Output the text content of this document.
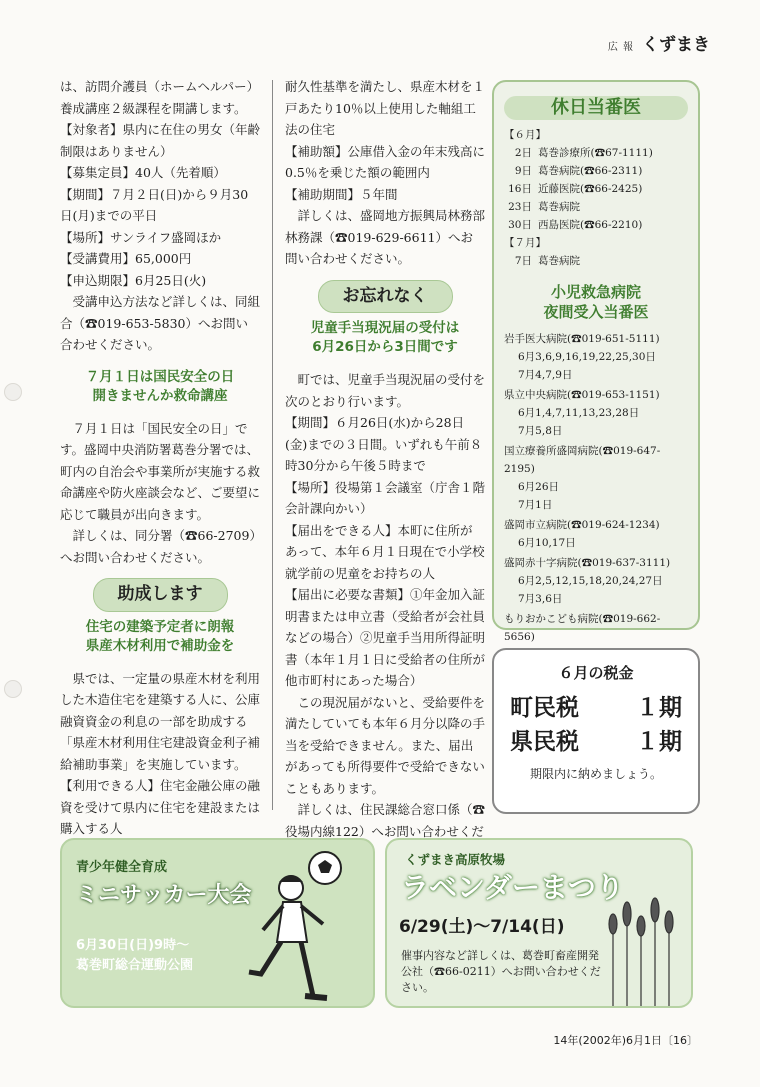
広 報 くずまき
は、訪問介護員（ホームヘルパー）養成講座２級課程を開講します。
【対象者】県内に在住の男女（年齢制限はありません）
【募集定員】40人（先着順）
【期間】７月２日(日)から９月30日(月)までの平日
【場所】サンライフ盛岡ほか
【受講費用】65,000円
【申込期限】6月25日(火)
受講申込方法など詳しくは、同組合（☎019-653-5830）へお問い合わせください。
７月１日は国民安全の日
開きませんか救命講座
７月１日は「国民安全の日」です。盛岡中央消防署葛巻分署では、町内の自治会や事業所が実施する救命講座や防火座談会など、ご要望に応じて職員が出向きます。
詳しくは、同分署（☎66-2709）へお問い合わせください。
助成します
住宅の建築予定者に朗報
県産木材利用で補助金を
県では、一定量の県産木材を利用した木造住宅を建築する人に、公庫融資資金の利息の一部を助成する「県産木材利用住宅建設資金利子補給補助事業」を実施しています。
【利用できる人】住宅金融公庫の融資を受けて県内に住宅を建設または購入する人
耐久性基準を満たし、県産木材を１戸あたり10％以上使用した軸組工法の住宅
【補助額】公庫借入金の年末残高に0.5％を乗じた額の範囲内
【補助期間】５年間
詳しくは、盛岡地方振興局林務部林務課（☎019-629-6611）へお問い合わせください。
お忘れなく
児童手当現況届の受付は
6月26日から3日間です
町では、児童手当現況届の受付を次のとおり行います。
【期間】６月26日(水)から28日(金)までの３日間。いずれも午前８時30分から午後５時まで
【場所】役場第１会議室（庁舎１階会計課向かい）
【届出をできる人】本町に住所があって、本年６月１日現在で小学校就学前の児童をお持ちの人
【届出に必要な書類】①年金加入証明書または申立書（受給者が会社員などの場合）②児童手当用所得証明書（本年１月１日に受給者の住所が他市町村にあった場合）
この現況届がないと、受給要件を満たしていても本年６月分以降の手当を受給できません。また、届出があっても所得要件で受給できないこともあります。
詳しくは、住民課総合窓口係（☎役場内線122）へお問い合わせくだ
休日当番医
【６月】
2日 葛巻診療所(☎67-1111)
9日 葛巻病院(☎66-2311)
16日 近藤医院(☎66-2425)
23日 葛巻病院
30日 西島医院(☎66-2210)
【７月】
7日 葛巻病院
小児救急病院
夜間受入当番医
岩手医大病院(☎019-651-5111)
6月3,6,9,16,19,22,25,30日
7月4,7,9日
県立中央病院(☎019-653-1151)
6月1,4,7,11,13,23,28日
7月5,8日
国立療養所盛岡病院(☎019-647-2195)
6月26日
7月1日
盛岡市立病院(☎019-624-1234)
6月10,17日
盛岡赤十字病院(☎019-637-3111)
6月2,5,12,15,18,20,24,27日
7月3,6日
もりおかこども病院(☎019-662-5656)
６月の税金
町民税 １期
県民税 １期
期限内に納めましょう。
青少年健全育成
ミニサッカー大会
6月30日(日)9時～
葛巻町総合運動公園
くずまき高原牧場
ラベンダーまつり
6/29(土)～7/14(日)
催事内容など詳しくは、葛巻町畜産開発公社（☎66-0211）へお問い合わせください。
14年(2002年)6月1日〔16〕
